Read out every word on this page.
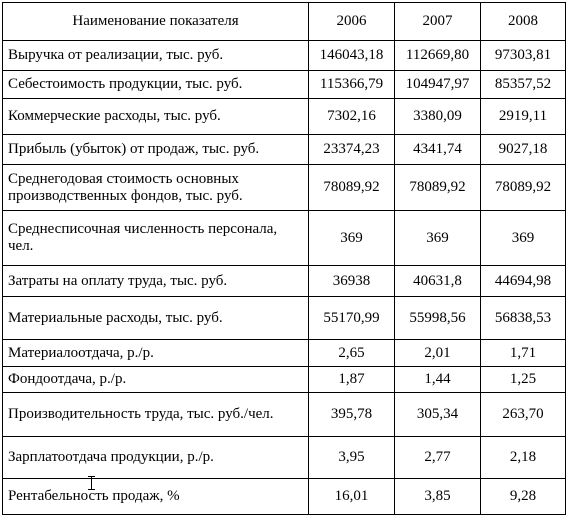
Наименование показателя	2006	2007	2008
Выручка от реализации, тыс. руб.	146043,18	112669,80	97303,81
Себестоимость продукции, тыс. руб.	115366,79	104947,97	85357,52
Коммерческие расходы, тыс. руб.	7302,16	3380,09	2919,11
Прибыль (убыток) от продаж, тыс. руб.	23374,23	4341,74	9027,18
Среднегодовая стоимость основных производственных фондов, тыс. руб.	78089,92	78089,92	78089,92
Среднесписочная численность персонала, чел.	369	369	369
Затраты на оплату труда, тыс. руб.	36938	40631,8	44694,98
Материальные расходы, тыс. руб.	55170,99	55998,56	56838,53
Материалоотдача, р./р.	2,65	2,01	1,71
Фондоотдача, р./р.	1,87	1,44	1,25
Производительность труда, тыс. руб./чел.	395,78	305,34	263,70
Зарплатоотдача продукции, р./р.	3,95	2,77	2,18
Рентабельность продаж, %	16,01	3,85	9,28
